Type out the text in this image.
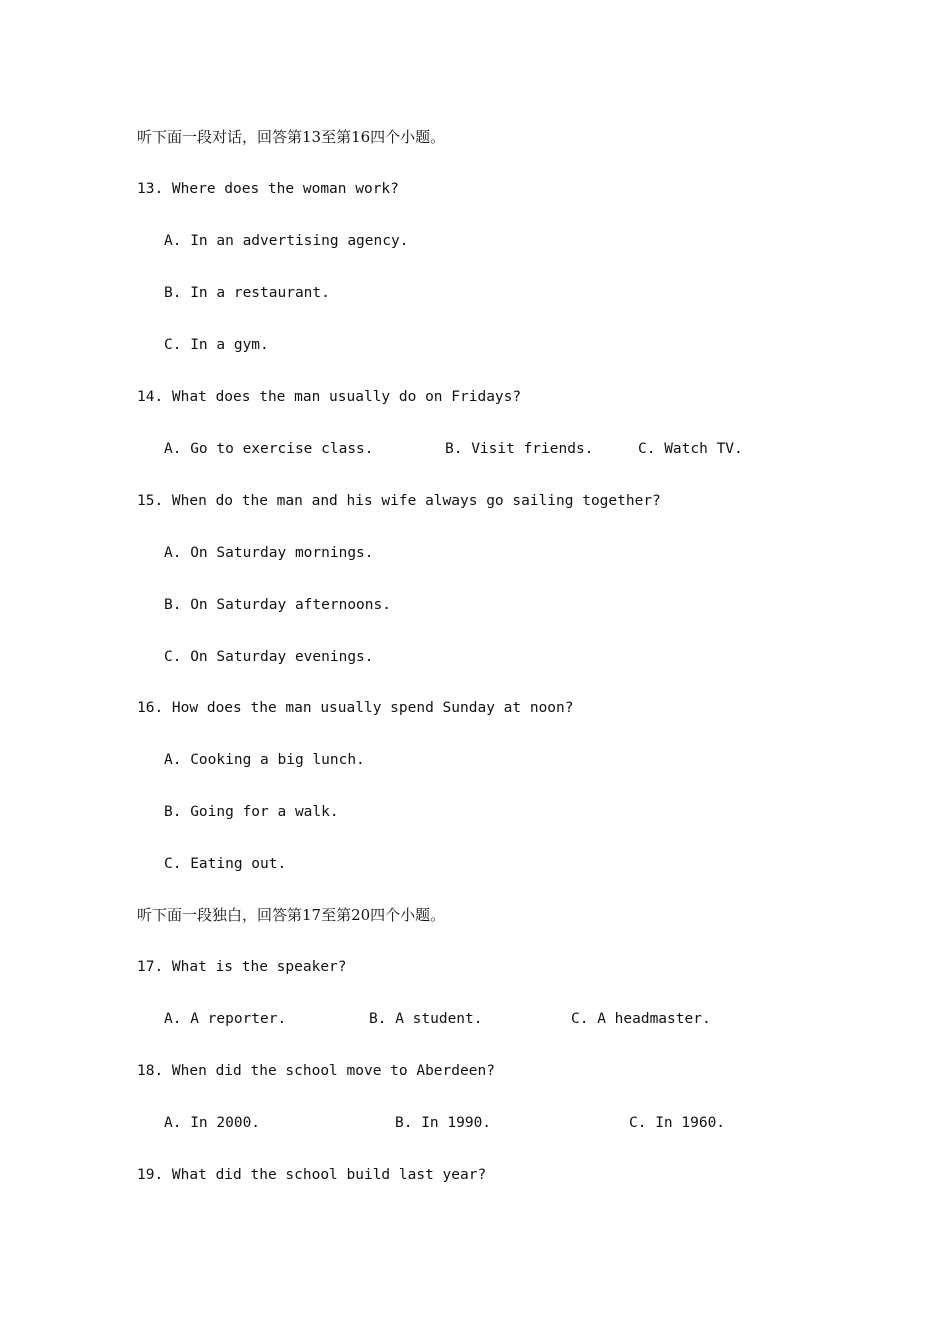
听下面一段对话，回答第13至第16四个小题。
13. Where does the woman work?
A. In an advertising agency.
B. In a restaurant.
C. In a gym.
14. What does the man usually do on Fridays?
A. Go to exercise class.	B. Visit friends.	C. Watch TV.
15. When do the man and his wife always go sailing together?
A. On Saturday mornings.
B. On Saturday afternoons.
C. On Saturday evenings.
16. How does the man usually spend Sunday at noon?
A. Cooking a big lunch.
B. Going for a walk.
C. Eating out.
听下面一段独白，回答第17至第20四个小题。
17. What is the speaker?
A. A reporter.	B. A student.	C. A headmaster.
18. When did the school move to Aberdeen?
A. In 2000.	B. In 1990.	C. In 1960.
19. What did the school build last year?
